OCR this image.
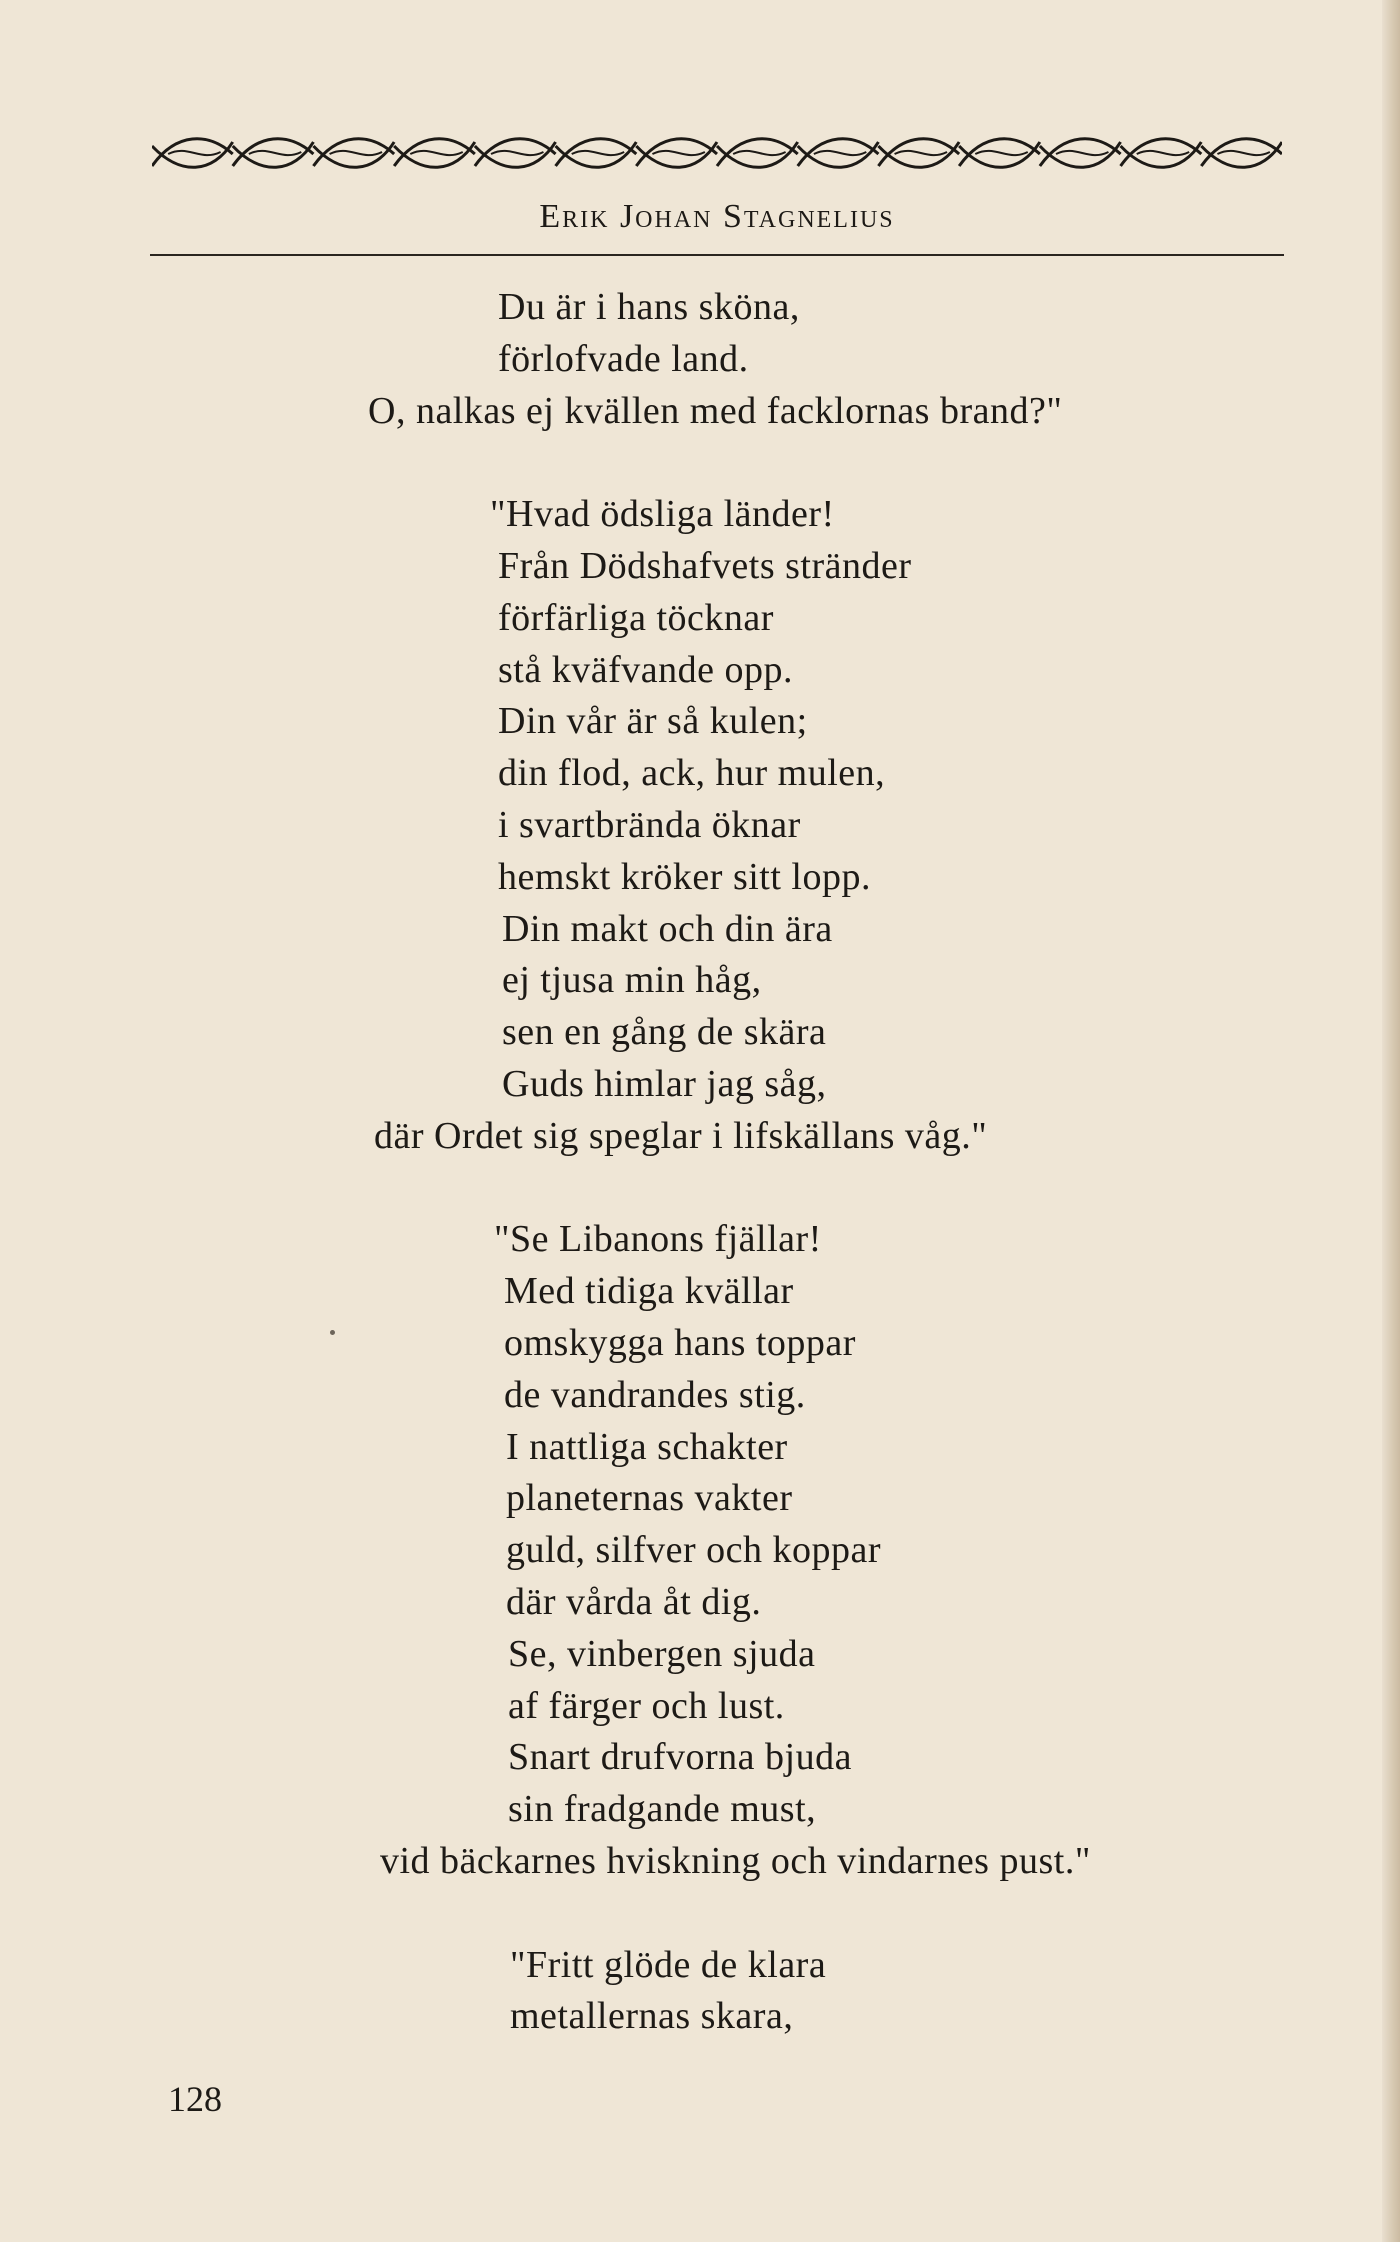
Erik Johan Stagnelius
Du är i hans sköna,
förlofvade land.
O, nalkas ej kvällen med facklornas brand?"
"Hvad ödsliga länder!
Från Dödshafvets stränder
förfärliga töcknar
stå kväfvande opp.
Din vår är så kulen;
din flod, ack, hur mulen,
i svartbrända öknar
hemskt kröker sitt lopp.
Din makt och din ära
ej tjusa min håg,
sen en gång de skära
Guds himlar jag såg,
där Ordet sig speglar i lifskällans våg."
"Se Libanons fjällar!
Med tidiga kvällar
omskygga hans toppar
de vandrandes stig.
I nattliga schakter
planeternas vakter
guld, silfver och koppar
där vårda åt dig.
Se, vinbergen sjuda
af färger och lust.
Snart drufvorna bjuda
sin fradgande must,
vid bäckarnes hviskning och vindarnes pust."
"Fritt glöde de klara
metallernas skara,
128
